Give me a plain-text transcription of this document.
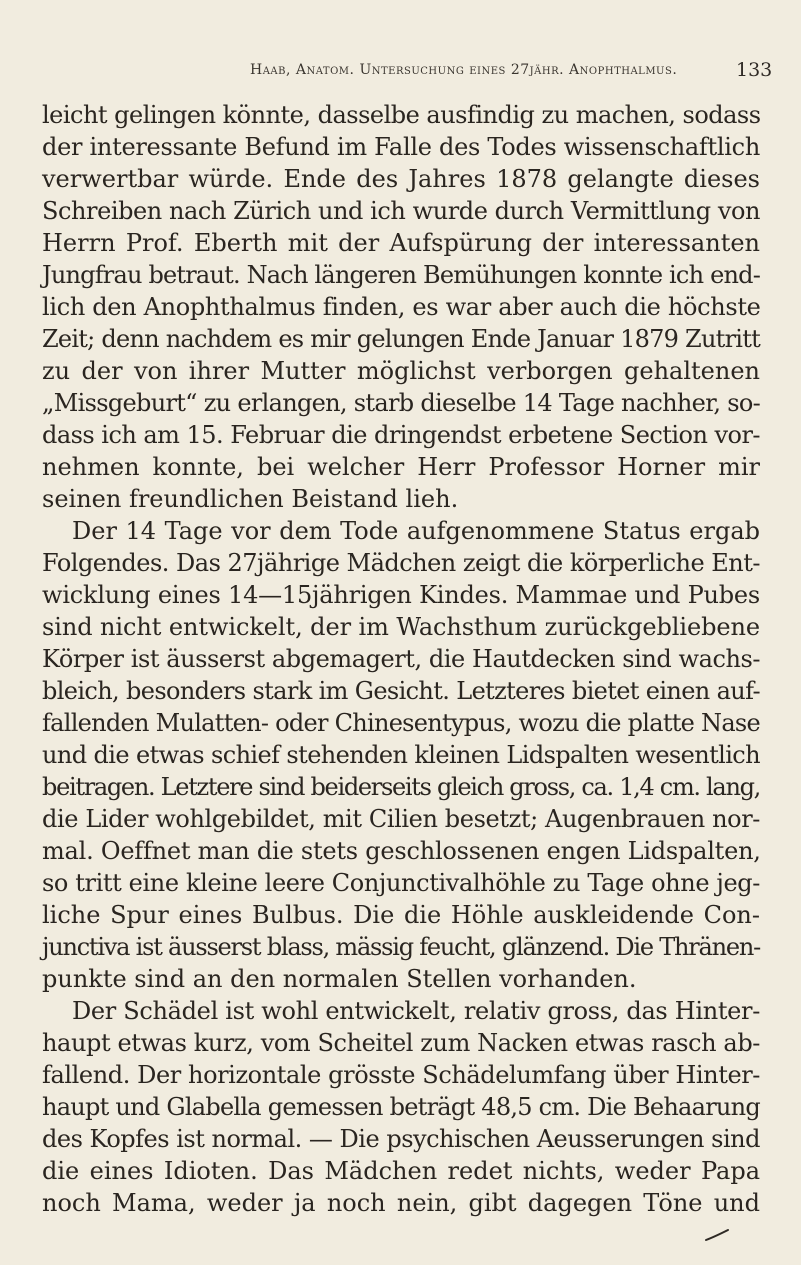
Haab, Anatom. Untersuchung eines 27jähr. Anophthalmus.	133
leicht gelingen könnte, dasselbe ausfindig zu machen, sodass
der interessante Befund im Falle des Todes wissenschaftlich
verwertbar würde. Ende des Jahres 1878 gelangte dieses
Schreiben nach Zürich und ich wurde durch Vermittlung von
Herrn Prof. Eberth mit der Aufspürung der interessanten
Jungfrau betraut. Nach längeren Bemühungen konnte ich end-
lich den Anophthalmus finden, es war aber auch die höchste
Zeit; denn nachdem es mir gelungen Ende Januar 1879 Zutritt
zu der von ihrer Mutter möglichst verborgen gehaltenen
„Missgeburt“ zu erlangen, starb dieselbe 14 Tage nachher, so-
dass ich am 15. Februar die dringendst erbetene Section vor-
nehmen konnte, bei welcher Herr Professor Horner mir
seinen freundlichen Beistand lieh.
Der 14 Tage vor dem Tode aufgenommene Status ergab
Folgendes. Das 27jährige Mädchen zeigt die körperliche Ent-
wicklung eines 14—15jährigen Kindes. Mammae und Pubes
sind nicht entwickelt, der im Wachsthum zurückgebliebene
Körper ist äusserst abgemagert, die Hautdecken sind wachs-
bleich, besonders stark im Gesicht. Letzteres bietet einen auf-
fallenden Mulatten- oder Chinesentypus, wozu die platte Nase
und die etwas schief stehenden kleinen Lidspalten wesentlich
beitragen. Letztere sind beiderseits gleich gross, ca. 1,4 cm. lang,
die Lider wohlgebildet, mit Cilien besetzt; Augenbrauen nor-
mal. Oeffnet man die stets geschlossenen engen Lidspalten,
so tritt eine kleine leere Conjunctivalhöhle zu Tage ohne jeg-
liche Spur eines Bulbus. Die die Höhle auskleidende Con-
junctiva ist äusserst blass, mässig feucht, glänzend. Die Thränen-
punkte sind an den normalen Stellen vorhanden.
Der Schädel ist wohl entwickelt, relativ gross, das Hinter-
haupt etwas kurz, vom Scheitel zum Nacken etwas rasch ab-
fallend. Der horizontale grösste Schädelumfang über Hinter-
haupt und Glabella gemessen beträgt 48,5 cm. Die Behaarung
des Kopfes ist normal. — Die psychischen Aeusserungen sind
die eines Idioten. Das Mädchen redet nichts, weder Papa
noch Mama, weder ja noch nein, gibt dagegen Töne und
